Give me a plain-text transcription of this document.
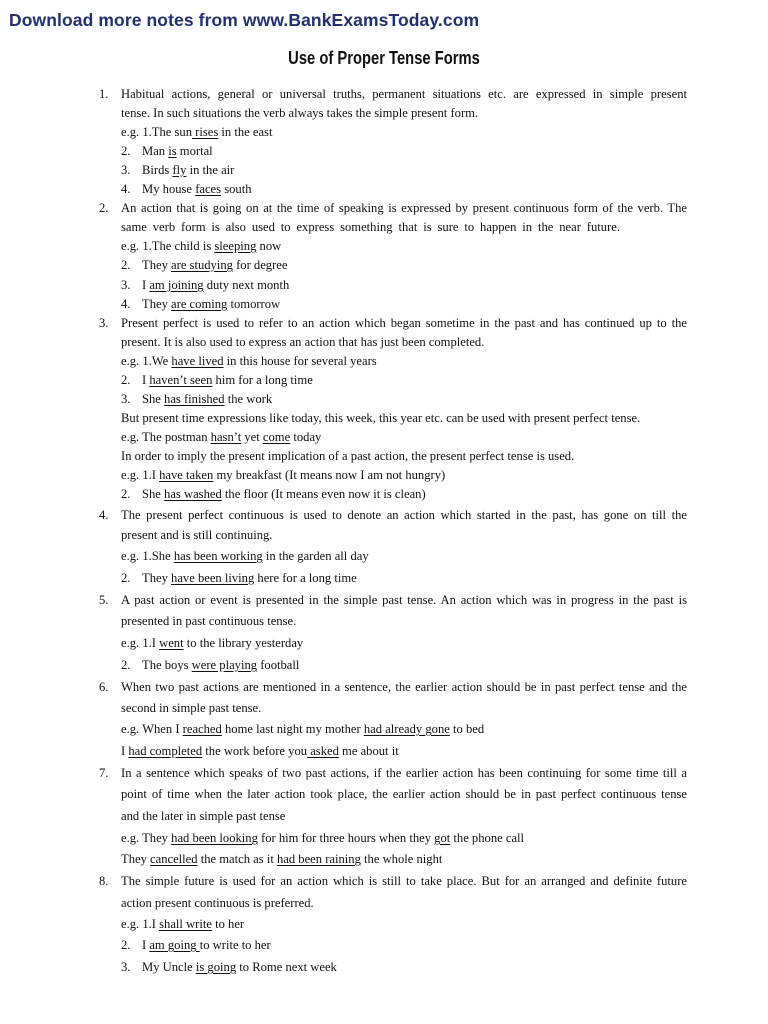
Download more notes from www.BankExamsToday.com
Use of Proper Tense Forms
1. Habitual actions, general or universal truths, permanent situations etc. are expressed in simple present
tense. In such situations the verb always takes the simple present form.
e.g. 1.The sun rises in the east
2. Man is mortal
3. Birds fly in the air
4. My house faces south
2. An action that is going on at the time of speaking is expressed by present continuous form of the verb. The
same verb form is also used to express something that is sure to happen in the near future.
e.g. 1.The child is sleeping now
2. They are studying for degree
3. I am joining duty next month
4. They are coming tomorrow
3. Present perfect is used to refer to an action which began sometime in the past and has continued up to the
present. It is also used to express an action that has just been completed.
e.g. 1.We have lived in this house for several years
2. I haven’t seen him for a long time
3. She has finished the work
But present time expressions like today, this week, this year etc. can be used with present perfect tense.
e.g. The postman hasn’t yet come today
In order to imply the present implication of a past action, the present perfect tense is used.
e.g. 1.I have taken my breakfast (It means now I am not hungry)
2. She has washed the floor (It means even now it is clean)
4. The present perfect continuous is used to denote an action which started in the past, has gone on till the
present and is still continuing.
e.g. 1.She has been working in the garden all day
2. They have been living here for a long time
5. A past action or event is presented in the simple past tense. An action which was in progress in the past is
presented in past continuous tense.
e.g. 1.I went to the library yesterday
2. The boys were playing football
6. When two past actions are mentioned in a sentence, the earlier action should be in past perfect tense and the
second in simple past tense.
e.g. When I reached home last night my mother had already gone to bed
I had completed the work before you asked me about it
7. In a sentence which speaks of two past actions, if the earlier action has been continuing for some time till a
point of time when the later action took place, the earlier action should be in past perfect continuous tense
and the later in simple past tense
e.g. They had been looking for him for three hours when they got the phone call
They cancelled the match as it had been raining the whole night
8. The simple future is used for an action which is still to take place. But for an arranged and definite future
action present continuous is preferred.
e.g. 1.I shall write to her
2. I am going to write to her
3. My Uncle is going to Rome next week
